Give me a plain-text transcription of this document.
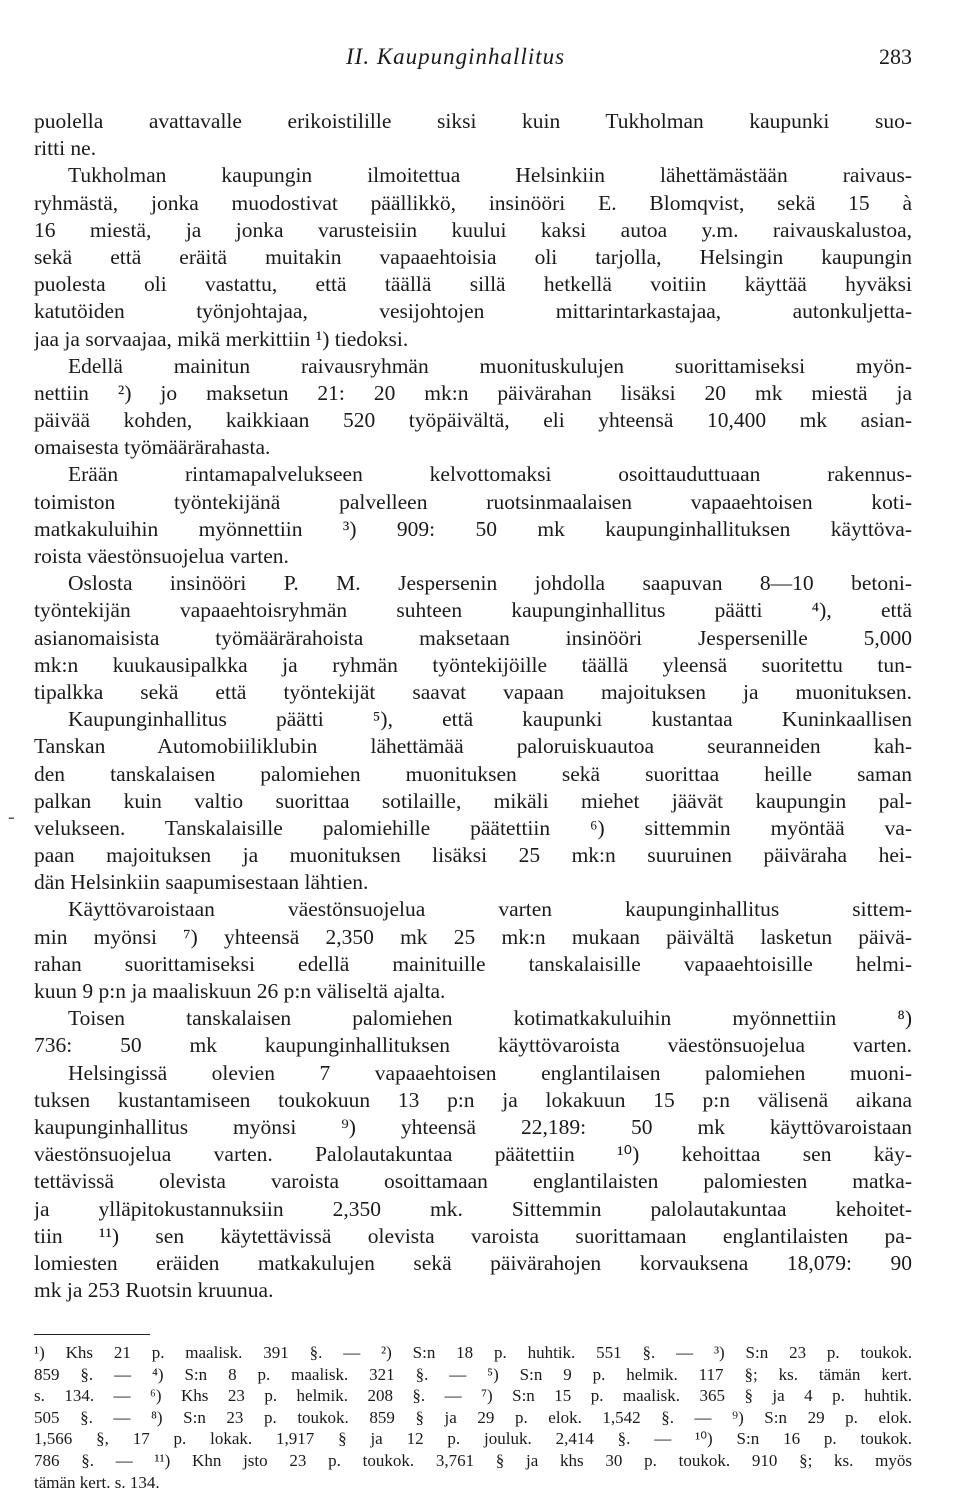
II. Kaupunginhallitus	283
-
puolella avattavalle erikoistilille siksi kuin Tukholman kaupunki suo-
ritti ne.
Tukholman kaupungin ilmoitettua Helsinkiin lähettämästään raivaus-
ryhmästä, jonka muodostivat päällikkö, insinööri E. Blomqvist, sekä 15 à
16 miestä, ja jonka varusteisiin kuului kaksi autoa y.m. raivauskalustoa,
sekä että eräitä muitakin vapaaehtoisia oli tarjolla, Helsingin kaupungin
puolesta oli vastattu, että täällä sillä hetkellä voitiin käyttää hyväksi
katutöiden työnjohtajaa, vesijohtojen mittarintarkastajaa, autonkuljetta-
jaa ja sorvaajaa, mikä merkittiin ¹) tiedoksi.
Edellä mainitun raivausryhmän muonituskulujen suorittamiseksi myön-
nettiin ²) jo maksetun 21: 20 mk:n päivärahan lisäksi 20 mk miestä ja
päivää kohden, kaikkiaan 520 työpäivältä, eli yhteensä 10,400 mk asian-
omaisesta työmäärärahasta.
Erään rintamapalvelukseen kelvottomaksi osoittauduttuaan rakennus-
toimiston työntekijänä palvelleen ruotsinmaalaisen vapaaehtoisen koti-
matkakuluihin myönnettiin ³) 909: 50 mk kaupunginhallituksen käyttöva-
roista väestönsuojelua varten.
Oslosta insinööri P. M. Jespersenin johdolla saapuvan 8—10 betoni-
työntekijän vapaaehtoisryhmän suhteen kaupunginhallitus päätti ⁴), että
asianomaisista työmäärärahoista maksetaan insinööri Jespersenille 5,000
mk:n kuukausipalkka ja ryhmän työntekijöille täällä yleensä suoritettu tun-
tipalkka sekä että työntekijät saavat vapaan majoituksen ja muonituksen.
Kaupunginhallitus päätti ⁵), että kaupunki kustantaa Kuninkaallisen
Tanskan Automobiiliklubin lähettämää paloruiskuautoa seuranneiden kah-
den tanskalaisen palomiehen muonituksen sekä suorittaa heille saman
palkan kuin valtio suorittaa sotilaille, mikäli miehet jäävät kaupungin pal-
velukseen. Tanskalaisille palomiehille päätettiin ⁶) sittemmin myöntää va-
paan majoituksen ja muonituksen lisäksi 25 mk:n suuruinen päiväraha hei-
dän Helsinkiin saapumisestaan lähtien.
Käyttövaroistaan väestönsuojelua varten kaupunginhallitus sittem-
min myönsi ⁷) yhteensä 2,350 mk 25 mk:n mukaan päivältä lasketun päivä-
rahan suorittamiseksi edellä mainituille tanskalaisille vapaaehtoisille helmi-
kuun 9 p:n ja maaliskuun 26 p:n väliseltä ajalta.
Toisen tanskalaisen palomiehen kotimatkakuluihin myönnettiin ⁸)
736: 50 mk kaupunginhallituksen käyttövaroista väestönsuojelua varten.
Helsingissä olevien 7 vapaaehtoisen englantilaisen palomiehen muoni-
tuksen kustantamiseen toukokuun 13 p:n ja lokakuun 15 p:n välisenä aikana
kaupunginhallitus myönsi ⁹) yhteensä 22,189: 50 mk käyttövaroistaan
väestönsuojelua varten. Palolautakuntaa päätettiin ¹⁰) kehoittaa sen käy-
tettävissä olevista varoista osoittamaan englantilaisten palomiesten matka-
ja ylläpitokustannuksiin 2,350 mk. Sittemmin palolautakuntaa kehoitet-
tiin ¹¹) sen käytettävissä olevista varoista suorittamaan englantilaisten pa-
lomiesten eräiden matkakulujen sekä päivärahojen korvauksena 18,079: 90
mk ja 253 Ruotsin kruunua.
¹) Khs 21 p. maalisk. 391 §. — ²) S:n 18 p. huhtik. 551 §. — ³) S:n 23 p. toukok.
859 §. — ⁴) S:n 8 p. maalisk. 321 §. — ⁵) S:n 9 p. helmik. 117 §; ks. tämän kert.
s. 134. — ⁶) Khs 23 p. helmik. 208 §. — ⁷) S:n 15 p. maalisk. 365 § ja 4 p. huhtik.
505 §. — ⁸) S:n 23 p. toukok. 859 § ja 29 p. elok. 1,542 §. — ⁹) S:n 29 p. elok.
1,566 §, 17 p. lokak. 1,917 § ja 12 p. jouluk. 2,414 §. — ¹⁰) S:n 16 p. toukok.
786 §. — ¹¹) Khn jsto 23 p. toukok. 3,761 § ja khs 30 p. toukok. 910 §; ks. myös
tämän kert. s. 134.
